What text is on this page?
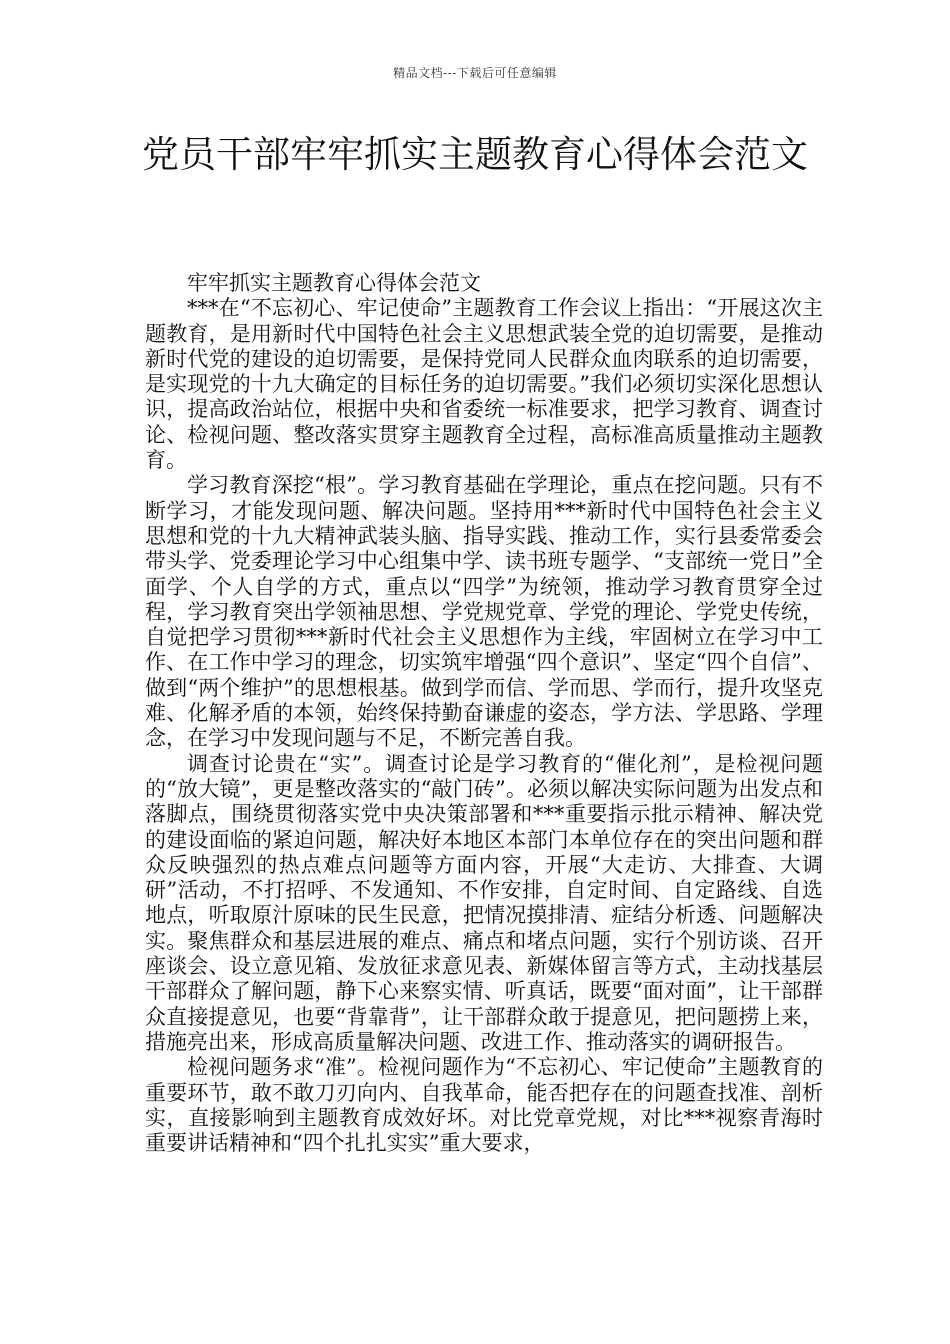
精品文档---下载后可任意编辑
党员干部牢牢抓实主题教育心得体会范文

牢牢抓实主题教育心得体会范文

***在“不忘初心、牢记使命”主题教育工作会议上指出：“开展这次主题教育，是用新时代中国特色社会主义思想武装全党的迫切需要，是推动新时代党的建设的迫切需要，是保持党同人民群众血肉联系的迫切需要，是实现党的十九大确定的目标任务的迫切需要。”我们必须切实深化思想认识，提高政治站位，根据中央和省委统一标准要求，把学习教育、调查讨论、检视问题、整改落实贯穿主题教育全过程，高标准高质量推动主题教育。

学习教育深挖“根”。学习教育基础在学理论，重点在挖问题。只有不断学习，才能发现问题、解决问题。坚持用***新时代中国特色社会主义思想和党的十九大精神武装头脑、指导实践、推动工作，实行县委常委会带头学、党委理论学习中心组集中学、读书班专题学、“支部统一党日”全面学、个人自学的方式，重点以“四学”为统领，推动学习教育贯穿全过程，学习教育突出学领袖思想、学党规党章、学党的理论、学党史传统，自觉把学习贯彻***新时代社会主义思想作为主线，牢固树立在学习中工作、在工作中学习的理念，切实筑牢增强“四个意识”、坚定“四个自信”、做到“两个维护”的思想根基。做到学而信、学而思、学而行，提升攻坚克难、化解矛盾的本领，始终保持勤奋谦虚的姿态，学方法、学思路、学理念，在学习中发现问题与不足，不断完善自我。

调查讨论贵在“实”。调查讨论是学习教育的“催化剂”，是检视问题的“放大镜”，更是整改落实的“敲门砖”。必须以解决实际问题为出发点和落脚点，围绕贯彻落实党中央决策部署和***重要指示批示精神、解决党的建设面临的紧迫问题，解决好本地区本部门本单位存在的突出问题和群众反映强烈的热点难点问题等方面内容，开展“大走访、大排查、大调研”活动，不打招呼、不发通知、不作安排，自定时间、自定路线、自选地点，听取原汁原味的民生民意，把情况摸排清、症结分析透、问题解决实。聚焦群众和基层进展的难点、痛点和堵点问题，实行个别访谈、召开座谈会、设立意见箱、发放征求意见表、新媒体留言等方式，主动找基层干部群众了解问题，静下心来察实情、听真话，既要“面对面”，让干部群众直接提意见，也要“背靠背”，让干部群众敢于提意见，把问题捞上来，措施亮出来，形成高质量解决问题、改进工作、推动落实的调研报告。

检视问题务求“准”。检视问题作为“不忘初心、牢记使命”主题教育的重要环节，敢不敢刀刃向内、自我革命，能否把存在的问题查找准、剖析实，直接影响到主题教育成效好坏。对比党章党规，对比***视察青海时重要讲话精神和“四个扎扎实实”重大要求，
